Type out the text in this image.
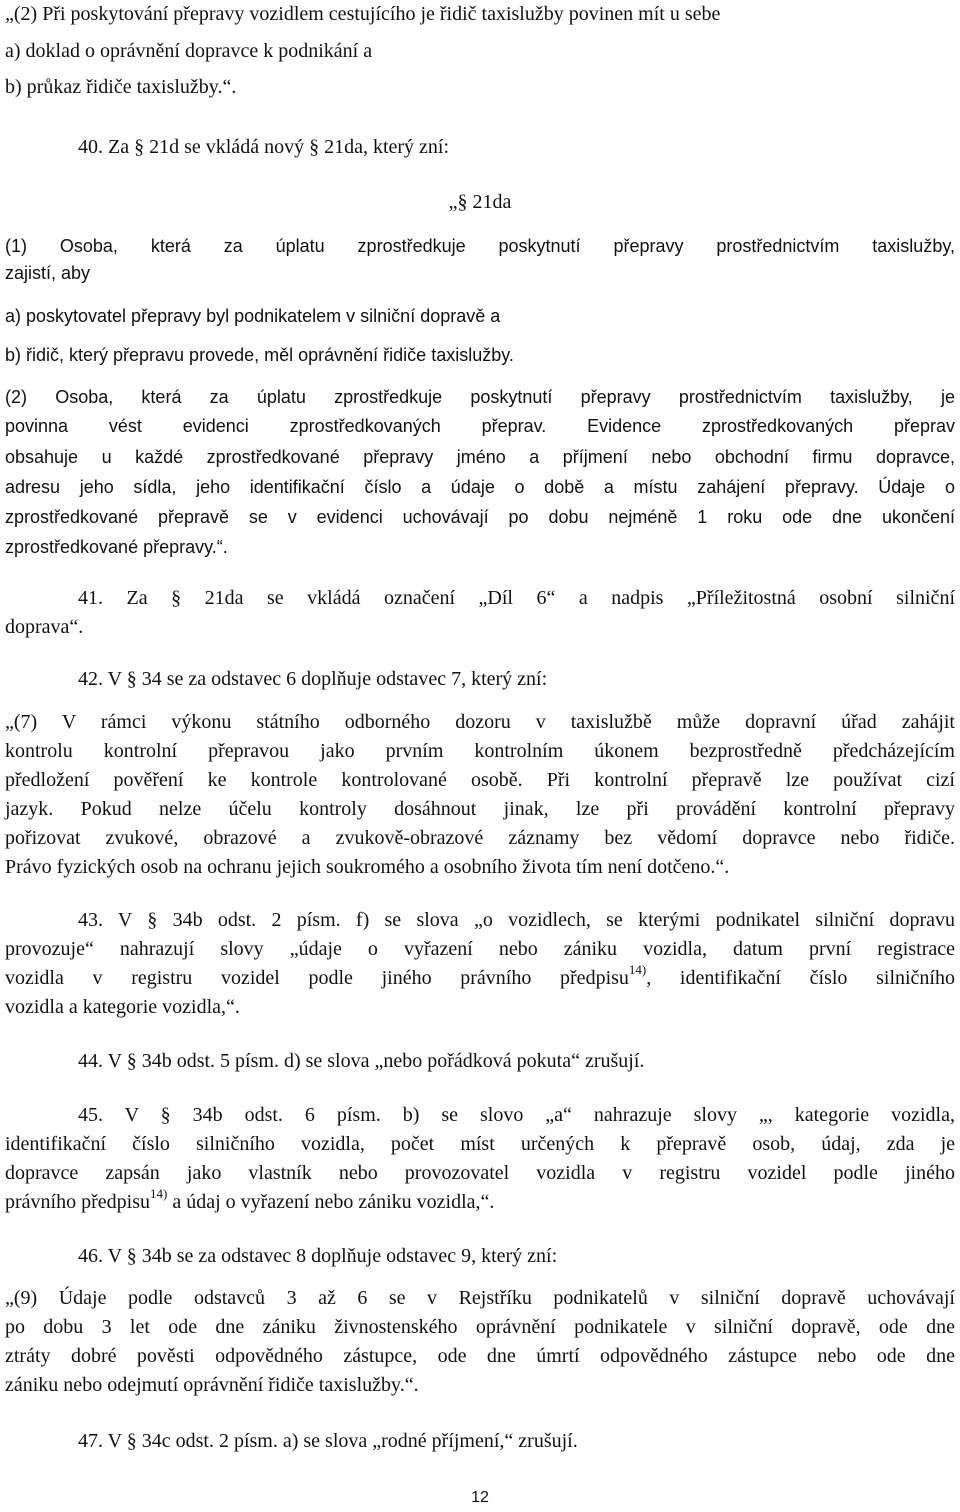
„(2) Při poskytování přepravy vozidlem cestujícího je řidič taxislužby povinen mít u sebe
a) doklad o oprávnění dopravce k podnikání a
b) průkaz řidiče taxislužby.“.
40. Za § 21d se vkládá nový § 21da, který zní:
„§ 21da
(1) Osoba, která za úplatu zprostředkuje poskytnutí přepravy prostřednictvím taxislužby,
zajistí, aby
a) poskytovatel přepravy byl podnikatelem v silniční dopravě a
b) řidič, který přepravu provede, měl oprávnění řidiče taxislužby.
(2) Osoba, která za úplatu zprostředkuje poskytnutí přepravy prostřednictvím taxislužby, je
povinna vést evidenci zprostředkovaných přeprav. Evidence zprostředkovaných přeprav
obsahuje u každé zprostředkované přepravy jméno a příjmení nebo obchodní firmu dopravce,
adresu jeho sídla, jeho identifikační číslo a údaje o době a místu zahájení přepravy. Údaje o
zprostředkované přepravě se v evidenci uchovávají po dobu nejméně 1 roku ode dne ukončení
zprostředkované přepravy.“.
41. Za § 21da se vkládá označení „Díl 6“ a nadpis „Příležitostná osobní silniční
doprava“.
42. V § 34 se za odstavec 6 doplňuje odstavec 7, který zní:
„(7) V rámci výkonu státního odborného dozoru v taxislužbě může dopravní úřad zahájit
kontrolu kontrolní přepravou jako prvním kontrolním úkonem bezprostředně předcházejícím
předložení pověření ke kontrole kontrolované osobě. Při kontrolní přepravě lze používat cizí
jazyk. Pokud nelze účelu kontroly dosáhnout jinak, lze při provádění kontrolní přepravy
pořizovat zvukové, obrazové a zvukově-obrazové záznamy bez vědomí dopravce nebo řidiče.
Právo fyzických osob na ochranu jejich soukromého a osobního života tím není dotčeno.“.
43. V § 34b odst. 2 písm. f) se slova „o vozidlech, se kterými podnikatel silniční dopravu
provozuje“ nahrazují slovy „údaje o vyřazení nebo zániku vozidla, datum první registrace
vozidla v registru vozidel podle jiného právního předpisu$^{14)}$, identifikační číslo silničního
vozidla a kategorie vozidla,“.
44. V § 34b odst. 5 písm. d) se slova „nebo pořádková pokuta“ zrušují.
45. V § 34b odst. 6 písm. b) se slovo „a“ nahrazuje slovy „, kategorie vozidla,
identifikační číslo silničního vozidla, počet míst určených k přepravě osob, údaj, zda je
dopravce zapsán jako vlastník nebo provozovatel vozidla v registru vozidel podle jiného
právního předpisu$^{14)}$ a údaj o vyřazení nebo zániku vozidla,“.
46. V § 34b se za odstavec 8 doplňuje odstavec 9, který zní:
„(9) Údaje podle odstavců 3 až 6 se v Rejstříku podnikatelů v silniční dopravě uchovávají
po dobu 3 let ode dne zániku živnostenského oprávnění podnikatele v silniční dopravě, ode dne
ztráty dobré pověsti odpovědného zástupce, ode dne úmrtí odpovědného zástupce nebo ode dne
zániku nebo odejmutí oprávnění řidiče taxislužby.“.
47. V § 34c odst. 2 písm. a) se slova „rodné příjmení,“ zrušují.
12
